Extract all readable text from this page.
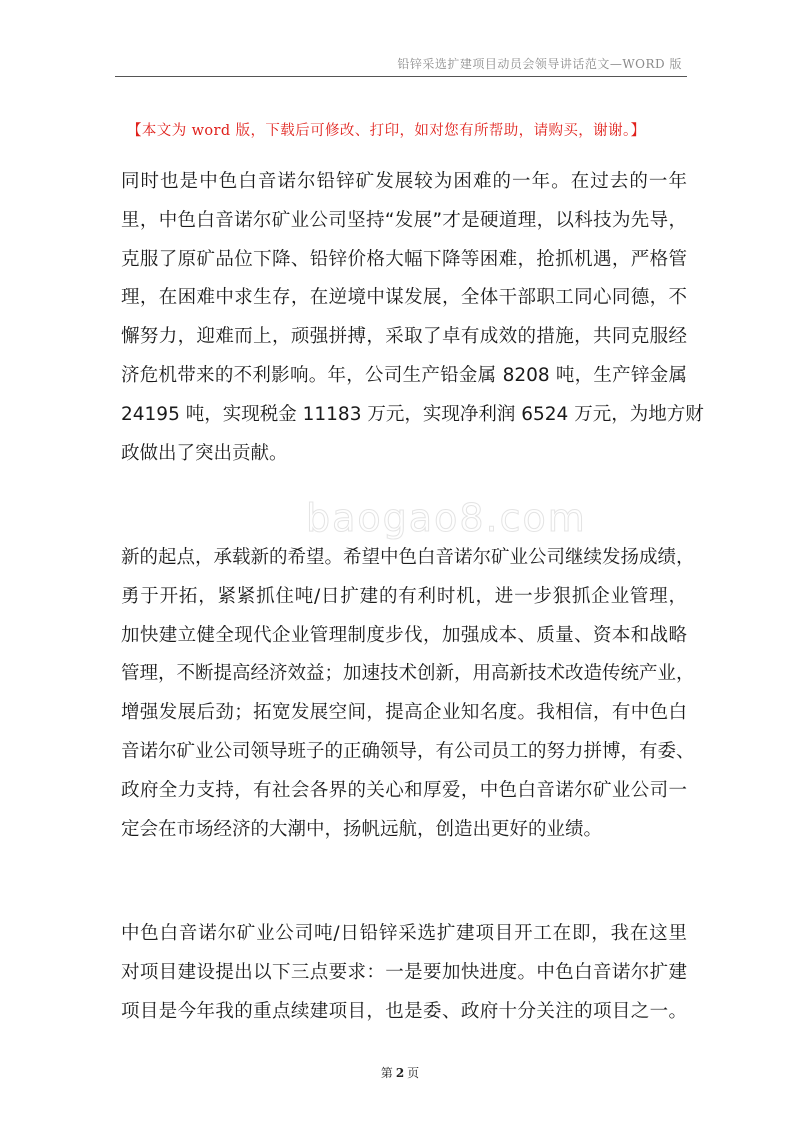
铅锌采选扩建项目动员会领导讲话范文—WORD 版
【本文为 word 版，下载后可修改、打印，如对您有所帮助，请购买，谢谢。】
baogao8.com
同时也是中色白音诺尔铅锌矿发展较为困难的一年。在过去的一年
里，中色白音诺尔矿业公司坚持“发展”才是硬道理，以科技为先导，
克服了原矿品位下降、铅锌价格大幅下降等困难，抢抓机遇，严格管
理，在困难中求生存，在逆境中谋发展，全体干部职工同心同德，不
懈努力，迎难而上，顽强拼搏，采取了卓有成效的措施，共同克服经
济危机带来的不利影响。年，公司生产铅金属 8208 吨，生产锌金属
24195 吨，实现税金 11183 万元，实现净利润 6524 万元，为地方财
政做出了突出贡献。
新的起点，承载新的希望。希望中色白音诺尔矿业公司继续发扬成绩，
勇于开拓，紧紧抓住吨/日扩建的有利时机，进一步狠抓企业管理，
加快建立健全现代企业管理制度步伐，加强成本、质量、资本和战略
管理，不断提高经济效益；加速技术创新，用高新技术改造传统产业，
增强发展后劲；拓宽发展空间，提高企业知名度。我相信，有中色白
音诺尔矿业公司领导班子的正确领导，有公司员工的努力拼博，有委、
政府全力支持，有社会各界的关心和厚爱，中色白音诺尔矿业公司一
定会在市场经济的大潮中，扬帆远航，创造出更好的业绩。
中色白音诺尔矿业公司吨/日铅锌采选扩建项目开工在即，我在这里
对项目建设提出以下三点要求：一是要加快进度。中色白音诺尔扩建
项目是今年我的重点续建项目，也是委、政府十分关注的项目之一。
第 2 页
